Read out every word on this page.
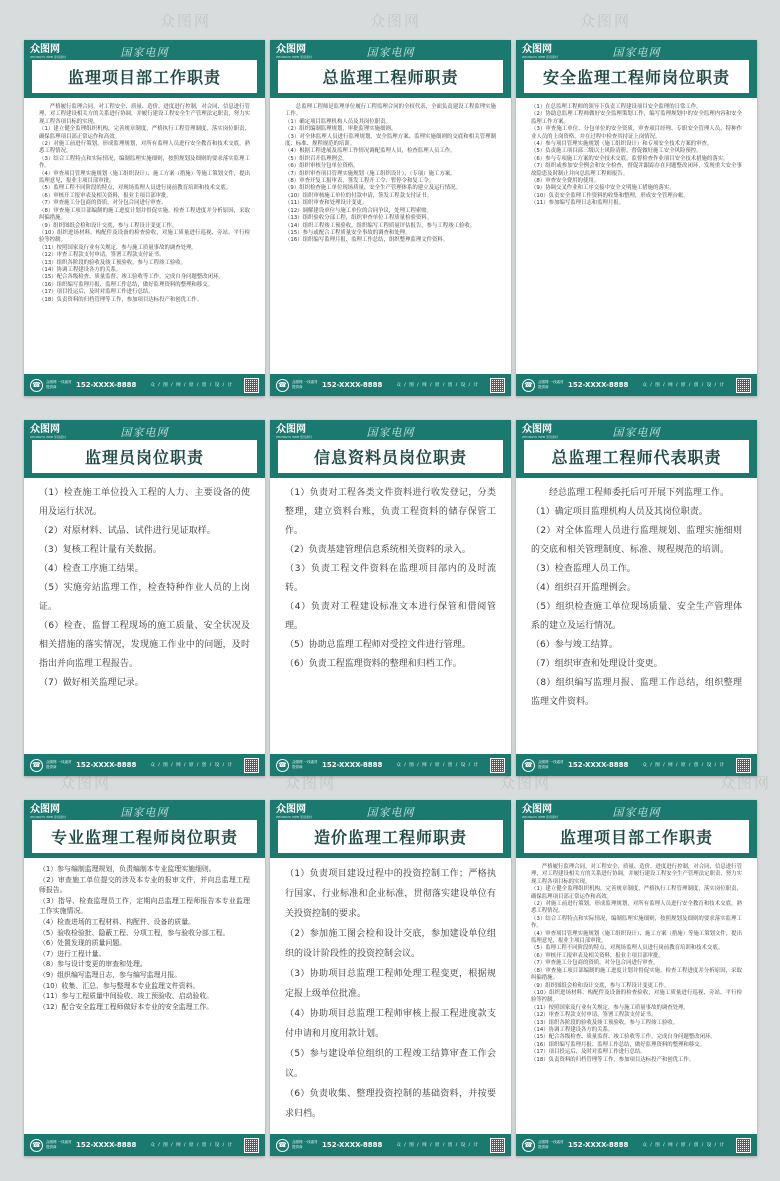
众图网
ZHONGTU WEB 原创素材	国家电网
监理项目部工作职责

严格履行监理合同，对工程安全、质量、造价、进度进行控制，对合同、信息进行管理，对工程建设相关方的关系进行协调，并履行建设工程安全生产管理法定职责，努力实现工程各项目标的实现。

（1）建立健全监理组织机构，完善规章制度，严格执行工程管理制度，落实岗位职责，确保监理项目部正常运作和高效。

（2）对施工前进行策划，形成监理规划，对所有监理人员进行安全教育和技术交底，熟悉工程情况。

（3）结合工程特点和实际情况，编制监理实施细则，按照规划及细则的要求落实监理工作。

（4）审查项目管理实施规划（施工组织设计）、施工方案（措施）等施工策划文件，提出监理意见，报业主项目部审批。

（5）监理工程不同阶段的特点，对现场监理人员进行岗前教育培训和技术交底。

（6）审核开工报审表及相关资料，报业主项目部审批。

（7）审查施工分包商的资质，对分包合同进行审查。

（8）审查施工项目部编制的施工进度计划并督促实施，检查工程进度并分析原因，采取纠偏措施。

（9）组织图纸会检和设计交底，参与工程设计变更工作。

（10）组织进场材料、构配件及设备的检查验收，对施工质量进行巡视、旁站、平行检验等控制。

（11）按照国家及行业有关规定，参与施工质量事故的调查处理。

（12）审查工程款支付申请，签署工程款支付证书。

（13）组织各阶段的验收及竣工预验收，参与工程竣工验收。

（14）协调工程建设各方的关系。

（15）配合各级检查、质量监督、竣工验收等工作，完成自身问题整改闭环。

（16）组织编写监理月报、监理工作总结，做好监理资料的整理和移交。

（17）项目投运后，及时对监理工作进行总结。

（18）负责资料的归档管理等工作，参加项目达标投产和创优工作。

☎	众图网 一线素材提供商	152-XXXX-8888	众 / 图 / 网 / 原 / 创 / 设 / 计
众图网
ZHONGTU WEB 原创素材	国家电网
总监理工程师职责

总监理工程师是监理单位履行工程监理合同的全权代表，全面负责建设工程监理实施工作。

（1）确定项目监理机构人员及其岗位职责。

（2）组织编制监理规划，审批监理实施细则。

（3）对全体监理人员进行监理规划、安全监理方案、监理实施细则的交底和相关管理制度、标准、规程规范的培训。

（4）根据工程进展及监理工作情况调配监理人员，检查监理人员工作。

（5）组织召开监理例会。

（6）组织审核分包单位资格。

（7）组织审查项目管理实施规划（施工组织设计）、（专项）施工方案。

（8）审查开复工报审表，签发工程开工令、暂停令和复工令。

（9）组织检查施工单位现场质量、安全生产管理体系的建立及运行情况。

（10）组织审核施工单位的付款申请，签发工程款支付证书。

（11）组织审查和处理设计变更。

（12）调解建设单位与施工单位的合同争议，处理工程索赔。

（13）组织验收分部工程，组织审查单位工程质量检验资料。

（14）组织工程竣工预验收，组织编写工程质量评估报告，参与工程竣工验收。

（15）参与或配合工程质量安全事故的调查和处理。

（16）组织编写监理月报、监理工作总结，组织整理监理文件资料。

☎	众图网 一线素材提供商	152-XXXX-8888	众 / 图 / 网 / 原 / 创 / 设 / 计
众图网
ZHONGTU WEB 原创素材	国家电网
安全监理工程师岗位职责

（1）在总监理工程师的领导下负责工程建设项目安全监理的日常工作。

（2）协助总监理工程师做好安全监理策划工作，编写监理规划中的安全监理内容和安全监理工作方案。

（3）审查施工单位、分包单位的安全资质，审查项目经理、专职安全管理人员、特种作业人员的上岗资格，并在过程中检查其持证上岗情况。

（4）参与项目管理实施规划（施工组织设计）和专项安全技术方案的审查。

（5）负责施工项目部三级以上风险清册，督促做好施工安全风险预控。

（6）参与专项施工方案的安全技术交底，监督检查作业项目安全技术措施的落实。

（7）组织或参加安全例会和安全检查，督促并跟踪存在问题整改闭环，发现重大安全事故隐患及时制止并向总监理工程师报告。

（8）审查安全费用的使用。

（9）协调交叉作业和工序交接中安全文明施工措施的落实。

（10）负责安全监理工作资料的收集和整理，形成安全管理台帐。

（11）参加编写监理日志和监理月报。

☎	众图网 一线素材提供商	152-XXXX-8888	众 / 图 / 网 / 原 / 创 / 设 / 计
众图网
ZHONGTU WEB 原创素材	国家电网
监理员岗位职责

（1）检查施工单位投入工程的人力、主要设备的使用及运行状况。

（2）对原材料、试品、试件进行见证取样。

（3）复核工程计量有关数据。

（4）检查工序施工结果。

（5）实施旁站监理工作，检查特种作业人员的上岗证。

（6）检查、监督工程现场的施工质量、安全状况及相关措施的落实情况，发现施工作业中的问题，及时指出并向监理工程报告。

（7）做好相关监理记录。

☎	众图网 一线素材提供商	152-XXXX-8888	众 / 图 / 网 / 原 / 创 / 设 / 计
众图网
ZHONGTU WEB 原创素材	国家电网
信息资料员岗位职责

（1）负责对工程各类文件资料进行收发登记，分类整理，建立资料台账，负责工程资料的储存保管工作。

（2）负责基建管理信息系统相关资料的录入。

（3）负责工程文件资料在监理项目部内的及时流转。

（4）负责对工程建设标准文本进行保管和借阅管理。

（5）协助总监理工程师对受控文件进行管理。

（6）负责工程监理资料的整理和归档工作。

☎	众图网 一线素材提供商	152-XXXX-8888	众 / 图 / 网 / 原 / 创 / 设 / 计
众图网
ZHONGTU WEB 原创素材	国家电网
总监理工程师代表职责

经总监理工程师委托后可开展下列监理工作。

（1）确定项目监理机构人员及其岗位职责。

（2）对全体监理人员进行监理规划、监理实施细则的交底和相关管理制度、标准、规程规范的培训。

（3）检查监理人员工作。

（4）组织召开监理例会。

（5）组织检查施工单位现场质量、安全生产管理体系的建立及运行情况。

（6）参与竣工结算。

（7）组织审查和处理设计变更。

（8）组织编写监理月报、监理工作总结，组织整理监理文件资料。

☎	众图网 一线素材提供商	152-XXXX-8888	众 / 图 / 网 / 原 / 创 / 设 / 计
众图网
ZHONGTU WEB 原创素材	国家电网
专业监理工程师岗位职责

（1）参与编制监理规划，负责编制本专业监理实施细则。

（2）审查施工单位提交的涉及本专业的报审文件，并向总监理工程师报告。

（3）指导、检查监理员工作，定期向总监理工程师报告本专业监理工作实施情况。

（4）检查进场的工程材料、构配件、设备的质量。

（5）验收检验批、隐蔽工程、分项工程，参与验收分部工程。

（6）处置发现的质量问题。

（7）进行工程计量。

（8）参与设计变更的审查和处理。

（9）组织编写监理日志，参与编写监理月报。

（10）收集、汇总、参与整理本专业监理文件资料。

（11）参与工程质量中间验收、竣工预验收、启动验收。

（12）配合安全监理工程师做好本专业的安全监理工作。

☎	众图网 一线素材提供商	152-XXXX-8888	众 / 图 / 网 / 原 / 创 / 设 / 计
众图网
ZHONGTU WEB 原创素材	国家电网
造价监理工程师职责

（1）负责项目建设过程中的投资控制工作；严格执行国家、行业标准和企业标准，贯彻落实建设单位有关投资控制的要求。

（2）参加施工图会检和设计交底，参加建设单位组织的设计阶段性的投资控制会议。

（3）协助项目总监理工程师处理工程变更，根据规定报上级单位批准。

（4）协助项目总监理工程师审核上报工程进度款支付申请和月度用款计划。

（5）参与建设单位组织的工程竣工结算审查工作会议。

（6）负责收集、整理投资控制的基础资料，并按要求归档。

☎	众图网 一线素材提供商	152-XXXX-8888	众 / 图 / 网 / 原 / 创 / 设 / 计
众图网
ZHONGTU WEB 原创素材	国家电网
监理项目部工作职责

严格履行监理合同，对工程安全、质量、造价、进度进行控制，对合同、信息进行管理，对工程建设相关方的关系进行协调，并履行建设工程安全生产管理法定职责，努力实现工程各项目标的实现。

（1）建立健全监理组织机构，完善规章制度，严格执行工程管理制度，落实岗位职责，确保监理项目部正常运作和高效。

（2）对施工前进行策划，形成监理规划，对所有监理人员进行安全教育和技术交底，熟悉工程情况。

（3）结合工程特点和实际情况，编制监理实施细则，按照规划及细则的要求落实监理工作。

（4）审查项目管理实施规划（施工组织设计）、施工方案（措施）等施工策划文件，提出监理意见，报业主项目部审批。

（5）监理工程不同阶段的特点，对现场监理人员进行岗前教育培训和技术交底。

（6）审核开工报审表及相关资料，报业主项目部审批。

（7）审查施工分包商的资质，对分包合同进行审查。

（8）审查施工项目部编制的施工进度计划并督促实施，检查工程进度并分析原因，采取纠偏措施。

（9）组织图纸会检和设计交底，参与工程设计变更工作。

（10）组织进场材料、构配件及设备的检查验收，对施工质量进行巡视、旁站、平行检验等控制。

（11）按照国家及行业有关规定，参与施工质量事故的调查处理。

（12）审查工程款支付申请，签署工程款支付证书。

（13）组织各阶段的验收及竣工预验收，参与工程竣工验收。

（14）协调工程建设各方的关系。

（15）配合各级检查、质量监督、竣工验收等工作，完成自身问题整改闭环。

（16）组织编写监理月报、监理工作总结，做好监理资料的整理和移交。

（17）项目投运后，及时对监理工作进行总结。

（18）负责资料的归档管理等工作，参加项目达标投产和创优工作。

☎	众图网 一线素材提供商	152-XXXX-8888	众 / 图 / 网 / 原 / 创 / 设 / 计
众图网	众图网
众图网
众图网	众图网	众图网	众图网
